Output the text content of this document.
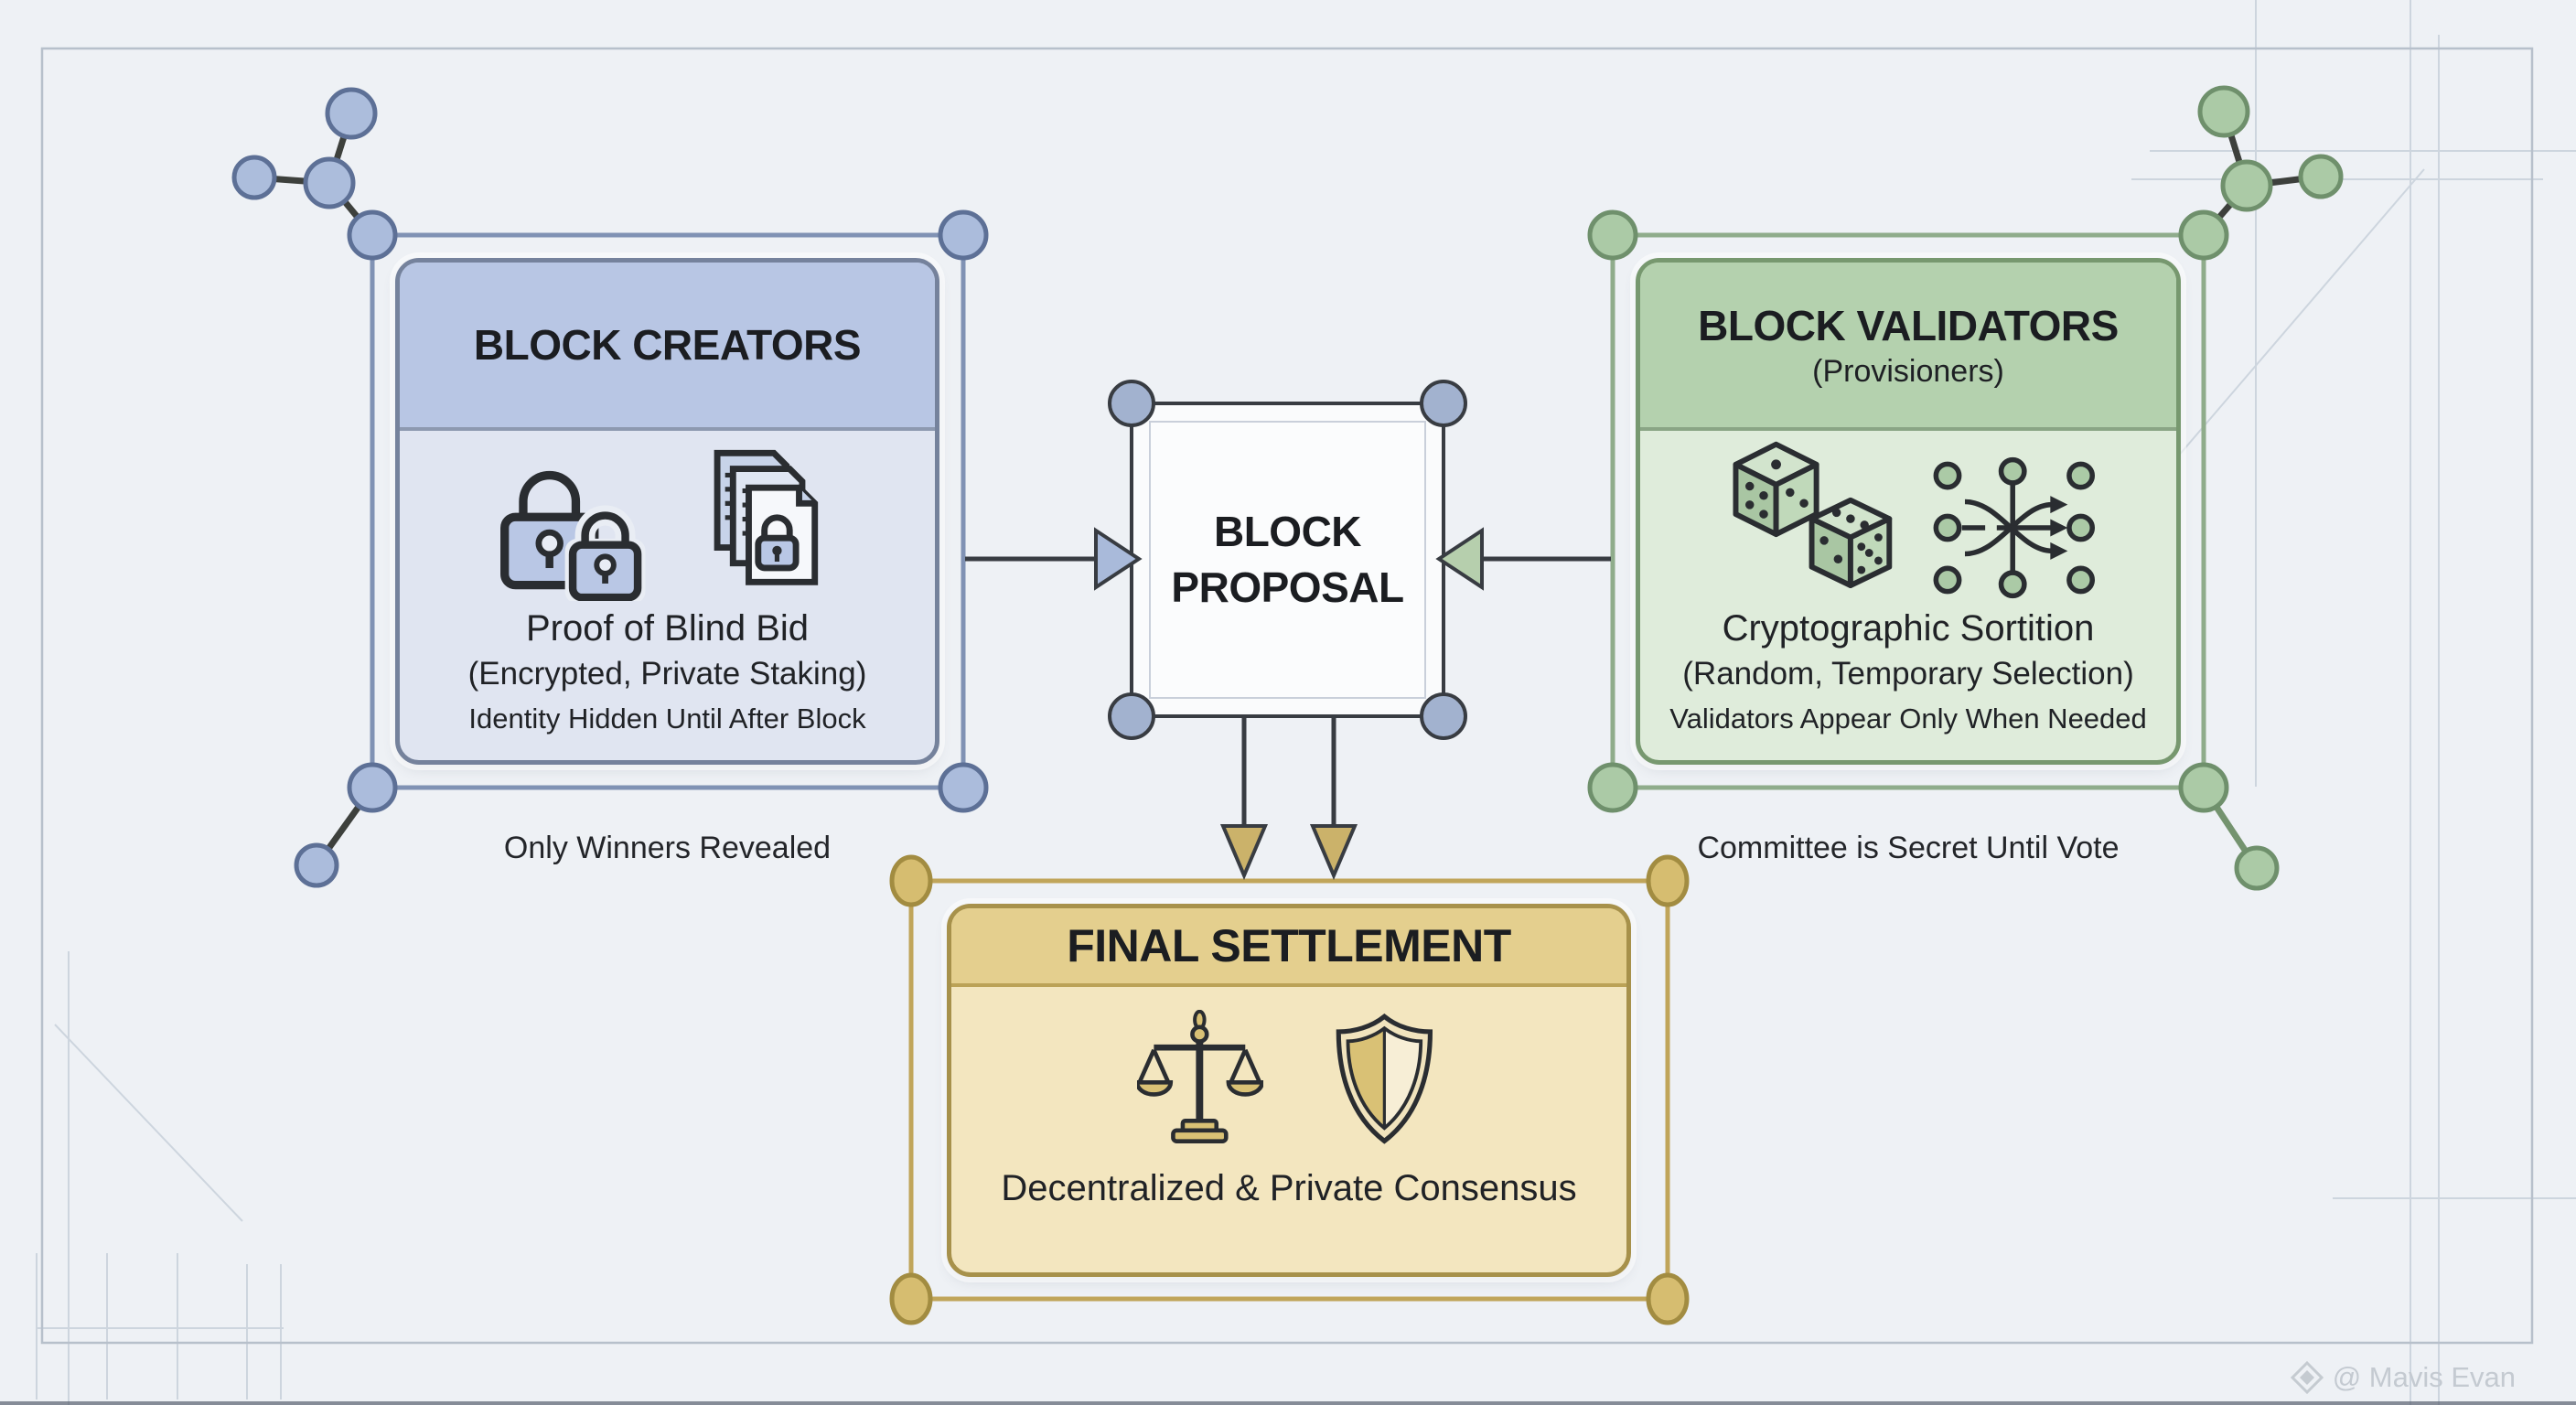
BLOCK CREATORS
Proof of Blind Bid
(Encrypted, Private Staking)
Identity Hidden Until After Block
Only Winners Revealed
BLOCK VALIDATORS
(Provisioners)
Cryptographic Sortition
(Random, Temporary Selection)
Validators Appear Only When Needed
Committee is Secret Until Vote
BLOCK
PROPOSAL
FINAL SETTLEMENT
Decentralized & Private Consensus
@ Mavis Evan
